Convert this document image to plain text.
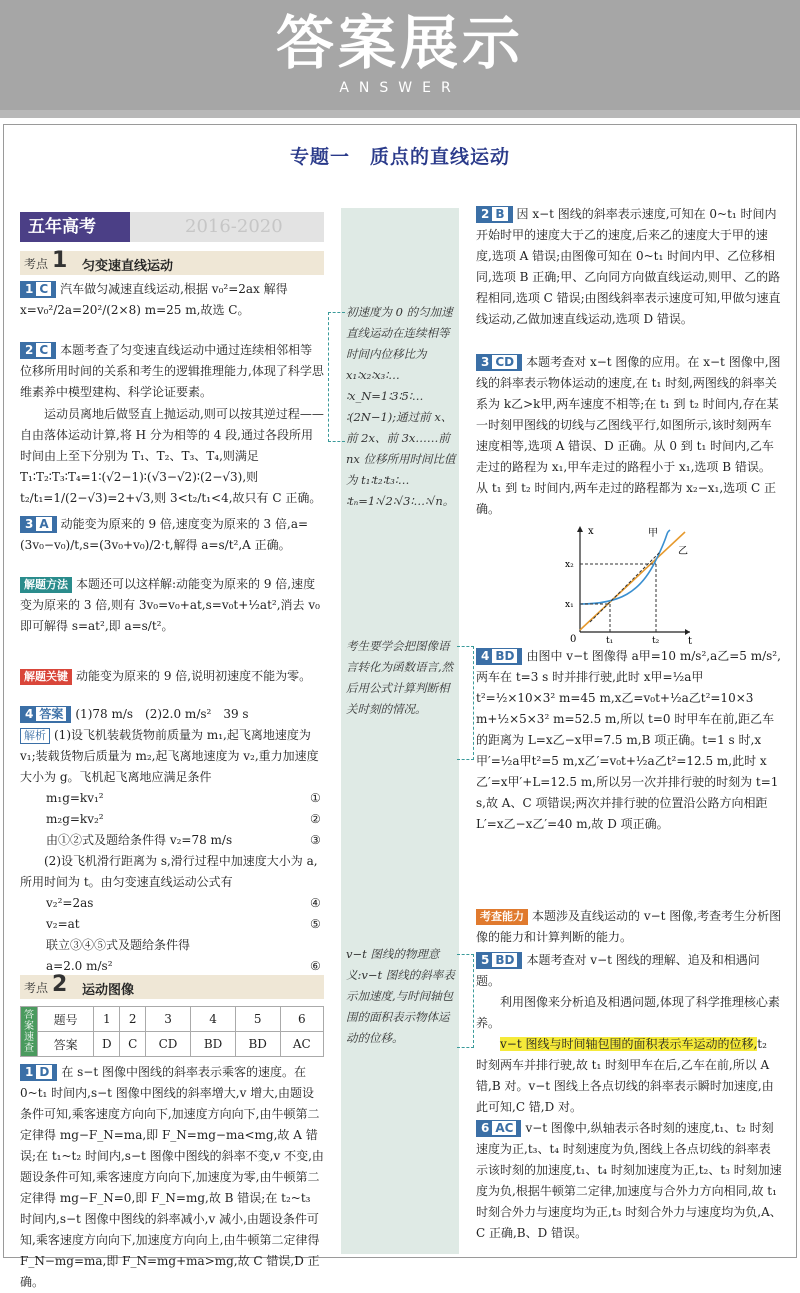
答案展示
ANSWER
专题一　质点的直线运动
五年高考	2016-2020
初速度为 0 的匀加速直线运动在连续相等时间内位移比为 x₁∶x₂∶x₃∶…∶x_N=1∶3∶5∶…∶(2N−1);通过前 x、前 2x、前 3x……前 nx 位移所用时间比值为 t₁∶t₂∶t₃∶…∶tₙ=1∶√2∶√3∶…∶√n。
考生要学会把图像语言转化为函数语言,然后用公式计算判断相关时刻的情况。
v−t 图线的物理意义:v−t 图线的斜率表示加速度,与时间轴包围的面积表示物体运动的位移。
考点 1 匀变速直线运动
1 C 汽车做匀减速直线运动,根据 v₀²=2ax 解得 x=v₀²/2a=20²/(2×8) m=25 m,故选 C。
2 C 本题考查了匀变速直线运动中通过连续相邻相等位移所用时间的关系和考生的逻辑推理能力,体现了科学思维素养中模型建构、科学论证要素。
运动员离地后做竖直上抛运动,则可以按其逆过程——自由落体运动计算,将 H 分为相等的 4 段,通过各段所用时间由上至下分别为 T₁、T₂、T₃、T₄,则满足 T₁∶T₂∶T₃∶T₄=1∶(√2−1)∶(√3−√2)∶(2−√3),则 t₂/t₁=1/(2−√3)=2+√3,则 3<t₂/t₁<4,故只有 C 正确。
3 A 动能变为原来的 9 倍,速度变为原来的 3 倍,a=(3v₀−v₀)/t,s=(3v₀+v₀)/2·t,解得 a=s/t²,A 正确。
解题方法 本题还可以这样解:动能变为原来的 9 倍,速度变为原来的 3 倍,则有 3v₀=v₀+at,s=v₀t+½at²,消去 v₀ 即可解得 s=at²,即 a=s/t²。
解题关键 动能变为原来的 9 倍,说明初速度不能为零。
4 答案 (1)78 m/s　(2)2.0 m/s²　39 s
解析 (1)设飞机装载货物前质量为 m₁,起飞离地速度为 v₁;装载货物后质量为 m₂,起飞离地速度为 v₂,重力加速度大小为 g。飞机起飞离地应满足条件
m₁g=kv₁²	①
m₂g=kv₂²	②
由①②式及题给条件得 v₂=78 m/s	③
(2)设飞机滑行距离为 s,滑行过程中加速度大小为 a,所用时间为 t。由匀变速直线运动公式有
v₂²=2as	④
v₂=at	⑤
联立③④⑤式及题给条件得
a=2.0 m/s²	⑥
考点 2 运动图像
答案速查	题号	1	2	3	4	5	6
	答案	D	C	CD	BD	BD	AC
1 D 在 s−t 图像中图线的斜率表示乘客的速度。在 0~t₁ 时间内,s−t 图像中图线的斜率增大,v 增大,由题设条件可知,乘客速度方向向下,加速度方向向下,由牛顿第二定律得 mg−F_N=ma,即 F_N=mg−ma<mg,故 A 错误;在 t₁~t₂ 时间内,s−t 图像中图线的斜率不变,v 不变,由题设条件可知,乘客速度方向向下,加速度为零,由牛顿第二定律得 mg−F_N=0,即 F_N=mg,故 B 错误;在 t₂~t₃ 时间内,s−t 图像中图线的斜率减小,v 减小,由题设条件可知,乘客速度方向向下,加速度方向向上,由牛顿第二定律得 F_N−mg=ma,即 F_N=mg+ma>mg,故 C 错误,D 正确。
2 B 因 x−t 图线的斜率表示速度,可知在 0~t₁ 时间内开始时甲的速度大于乙的速度,后来乙的速度大于甲的速度,选项 A 错误;由图像可知在 0~t₁ 时间内甲、乙位移相同,选项 B 正确;甲、乙向同方向做直线运动,则甲、乙的路程相同,选项 C 错误;由图线斜率表示速度可知,甲做匀速直线运动,乙做加速直线运动,选项 D 错误。
3 CD 本题考查对 x−t 图像的应用。在 x−t 图像中,图线的斜率表示物体运动的速度,在 t₁ 时刻,两图线的斜率关系为 k乙>k甲,两车速度不相等;在 t₁ 到 t₂ 时间内,存在某一时刻甲图线的切线与乙图线平行,如图所示,该时刻两车速度相等,选项 A 错误、D 正确。从 0 到 t₁ 时间内,乙车走过的路程为 x₁,甲车走过的路程小于 x₁,选项 B 错误。从 t₁ 到 t₂ 时间内,两车走过的路程都为 x₂−x₁,选项 C 正确。
x
t
0
x₁
x₂
t₁	t₂
甲
乙
4 BD 由图中 v−t 图像得 a甲=10 m/s²,a乙=5 m/s²,两车在 t=3 s 时并排行驶,此时 x甲=½a甲t²=½×10×3² m=45 m,x乙=v₀t+½a乙t²=10×3 m+½×5×3² m=52.5 m,所以 t=0 时甲车在前,距乙车的距离为 L=x乙−x甲=7.5 m,B 项正确。t=1 s 时,x甲′=½a甲t²=5 m,x乙′=v₀t+½a乙t²=12.5 m,此时 x乙′=x甲′+L=12.5 m,所以另一次并排行驶的时刻为 t=1 s,故 A、C 项错误;两次并排行驶的位置沿公路方向相距 L′=x乙−x乙′=40 m,故 D 项正确。
考查能力 本题涉及直线运动的 v−t 图像,考查考生分析图像的能力和计算判断的能力。
5 BD 本题考查对 v−t 图线的理解、追及和相遇问题。
利用图像来分析追及相遇问题,体现了科学推理核心素养。
v−t 图线与时间轴包围的面积表示车运动的位移,t₂ 时刻两车并排行驶,故 t₁ 时刻甲车在后,乙车在前,所以 A 错,B 对。v−t 图线上各点切线的斜率表示瞬时加速度,由此可知,C 错,D 对。
6 AC v−t 图像中,纵轴表示各时刻的速度,t₁、t₂ 时刻速度为正,t₃、t₄ 时刻速度为负,图线上各点切线的斜率表示该时刻的加速度,t₁、t₄ 时刻加速度为正,t₂、t₃ 时刻加速度为负,根据牛顿第二定律,加速度与合外力方向相同,故 t₁ 时刻合外力与速度均为正,t₃ 时刻合外力与速度均为负,A、C 正确,B、D 错误。
